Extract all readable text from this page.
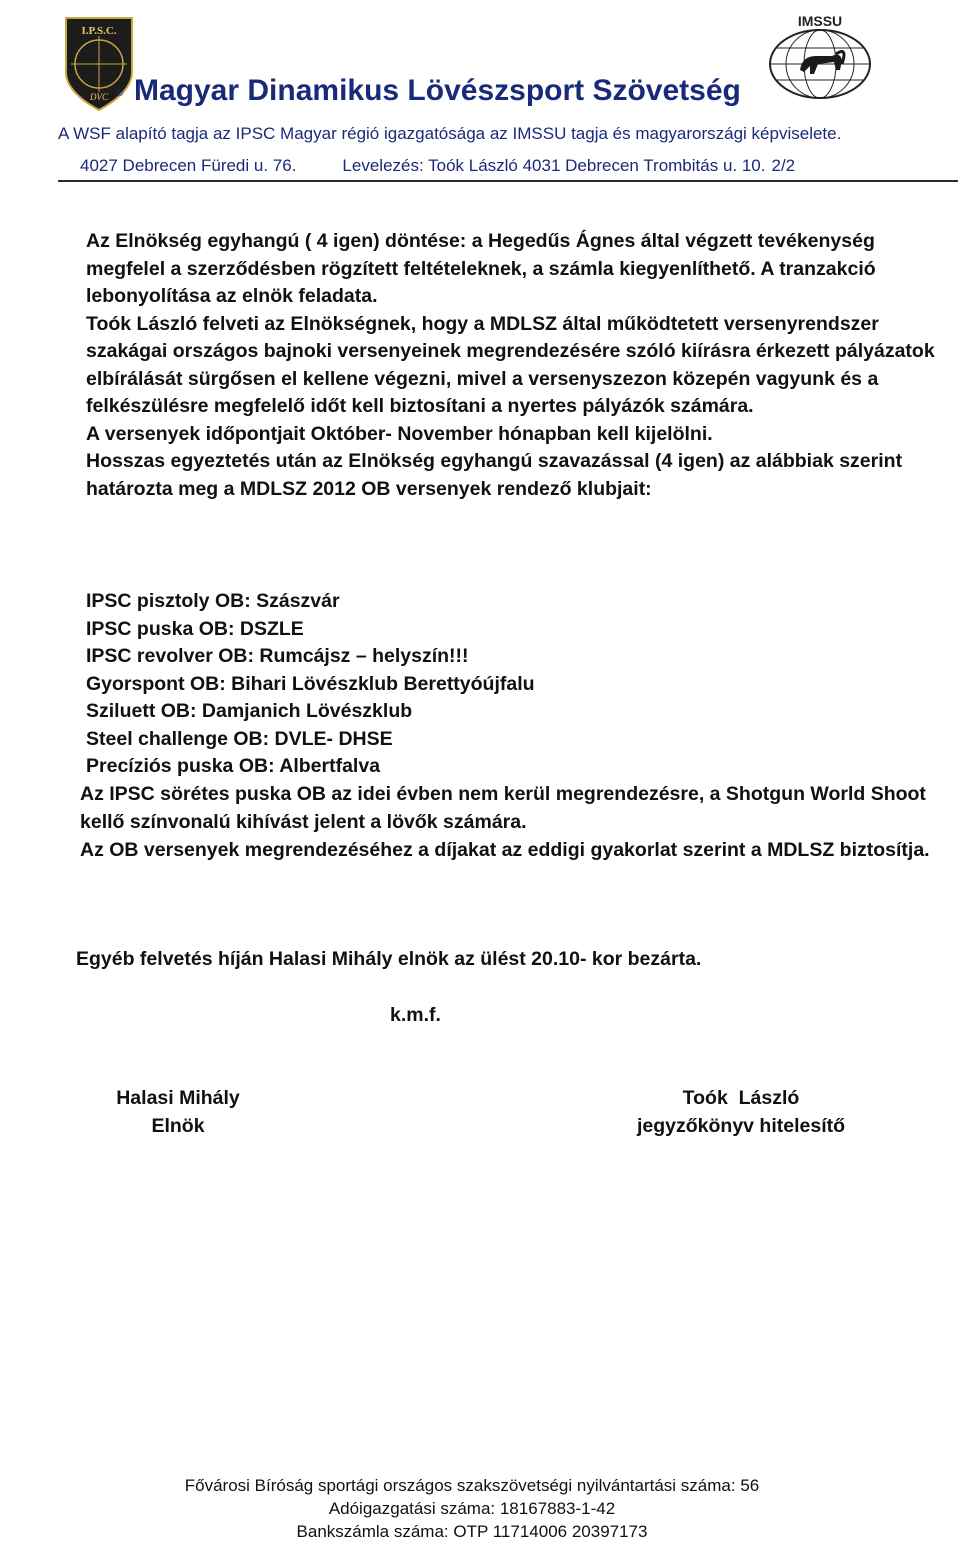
I.P.S.C.
DVC
IMSSU
Magyar Dinamikus Lövészsport Szövetség
®
A WSF alapító tagja az IPSC Magyar régió igazgatósága az IMSSU tagja és magyarországi képviselete.
4027 Debrecen Füredi u. 76.	Levelezés: Toók László 4031 Debrecen Trombitás u. 10. 2/2

Az Elnökség egyhangú ( 4 igen) döntése: a Hegedűs Ágnes által végzett tevékenység megfelel a szerződésben rögzített feltételeknek, a számla kiegyenlíthető. A tranzakció lebonyolítása az elnök feladata.

Toók László felveti az Elnökségnek, hogy a MDLSZ által működtetett versenyrendszer szakágai országos bajnoki versenyeinek megrendezésére szóló kiírásra érkezett pályázatok elbírálását sürgősen el kellene végezni, mivel a versenyszezon közepén vagyunk és a felkészülésre megfelelő időt kell biztosítani a nyertes pályázók számára.

A versenyek időpontjait Október- November hónapban kell kijelölni.

Hosszas egyeztetés után az Elnökség egyhangú szavazással (4 igen) az alábbiak szerint határozta meg a MDLSZ 2012 OB versenyek rendező klubjait:

IPSC pisztoly OB: Szászvár

IPSC puska OB: DSZLE

IPSC revolver OB: Rumcájsz – helyszín!!!

Gyorspont OB: Bihari Lövészklub Berettyóújfalu

Sziluett OB: Damjanich Lövészklub

Steel challenge OB: DVLE- DHSE

Precíziós puska OB: Albertfalva

Az IPSC sörétes puska OB az idei évben nem kerül megrendezésre, a Shotgun World Shoot kellő színvonalú kihívást jelent a lövők számára.

Az OB versenyek megrendezéséhez a díjakat az eddigi gyakorlat szerint a MDLSZ biztosítja.

Egyéb felvetés híján Halasi Mihály elnök az ülést 20.10- kor bezárta.
k.m.f.
Halasi Mihály
Elnök
Toók  László
jegyzőkönyv hitelesítő

Fővárosi Bíróság sportági országos szakszövetségi nyilvántartási száma: 56

Adóigazgatási száma: 18167883-1-42

Bankszámla száma: OTP 11714006 20397173
